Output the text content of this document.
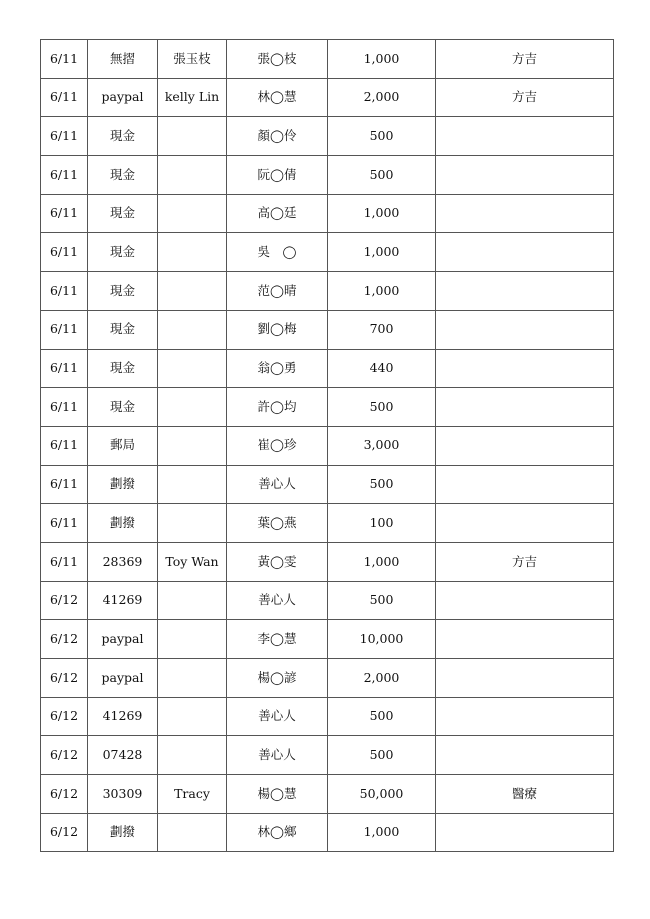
6/11	無摺	張玉枝	張◯枝	1,000	方吉
6/11	paypal	kelly Lin	林◯慧	2,000	方吉
6/11	現金		顏◯伶	500	
6/11	現金		阮◯倩	500	
6/11	現金		高◯廷	1,000	
6/11	現金		吳　◯	1,000	
6/11	現金		范◯晴	1,000	
6/11	現金		劉◯梅	700	
6/11	現金		翁◯勇	440	
6/11	現金		許◯均	500	
6/11	郵局		崔◯珍	3,000	
6/11	劃撥		善心人	500	
6/11	劃撥		葉◯燕	100	
6/11	28369	Toy Wan	黃◯雯	1,000	方吉
6/12	41269		善心人	500	
6/12	paypal		李◯慧	10,000	
6/12	paypal		楊◯諺	2,000	
6/12	41269		善心人	500	
6/12	07428		善心人	500	
6/12	30309	Tracy	楊◯慧	50,000	醫療
6/12	劃撥		林◯鄉	1,000	
